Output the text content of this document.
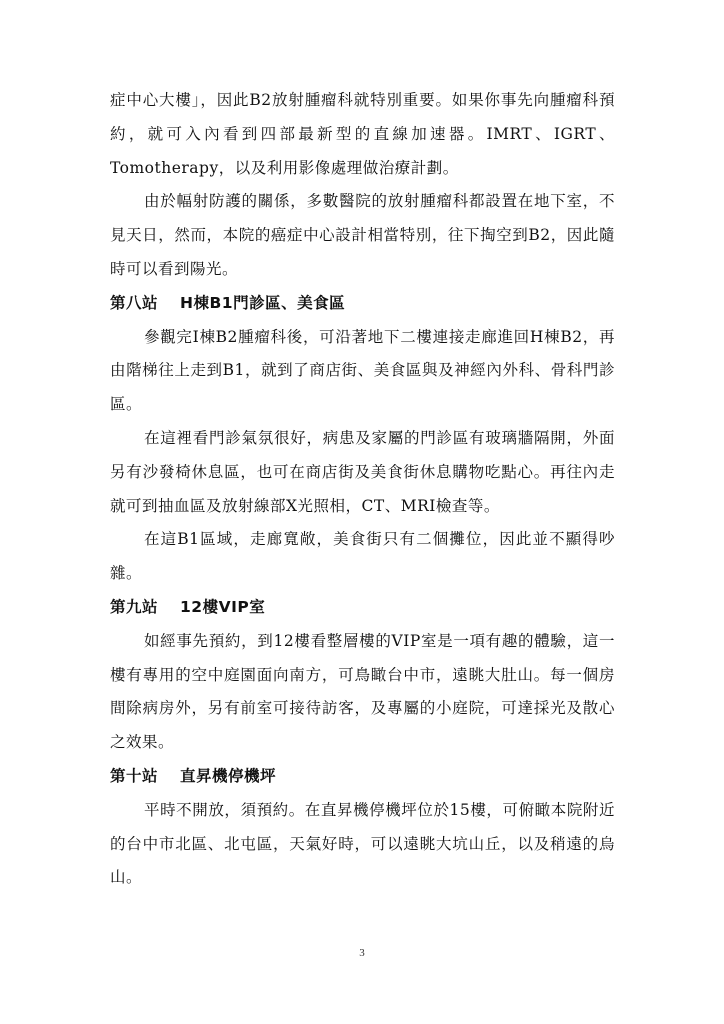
症中心大樓」，因此B2放射腫瘤科就特別重要。如果你事先向腫瘤科預約，就可入內看到四部最新型的直線加速器。IMRT、IGRT、Tomotherapy，以及利用影像處理做治療計劃。

由於幅射防護的關係，多數醫院的放射腫瘤科都設置在地下室，不見天日，然而，本院的癌症中心設計相當特別，往下掏空到B2，因此隨時可以看到陽光。

第八站 H棟B1門診區、美食區

參觀完I棟B2腫瘤科後，可沿著地下二樓連接走廊進回H棟B2，再由階梯往上走到B1，就到了商店街、美食區與及神經內外科、骨科門診區。

在這裡看門診氣氛很好，病患及家屬的門診區有玻璃牆隔開，外面另有沙發椅休息區，也可在商店街及美食街休息購物吃點心。再往內走就可到抽血區及放射線部X光照相，CT、MRI檢查等。

在這B1區域，走廊寬敞，美食街只有二個攤位，因此並不顯得吵雜。

第九站 12樓VIP室

如經事先預約，到12樓看整層樓的VIP室是一項有趣的體驗，這一樓有專用的空中庭園面向南方，可鳥瞰台中市，遠眺大肚山。每一個房間除病房外，另有前室可接待訪客，及專屬的小庭院，可達採光及散心之效果。

第十站 直昇機停機坪

平時不開放，須預約。在直昇機停機坪位於15樓，可俯瞰本院附近的台中市北區、北屯區，天氣好時，可以遠眺大坑山丘，以及稍遠的烏山。

3
